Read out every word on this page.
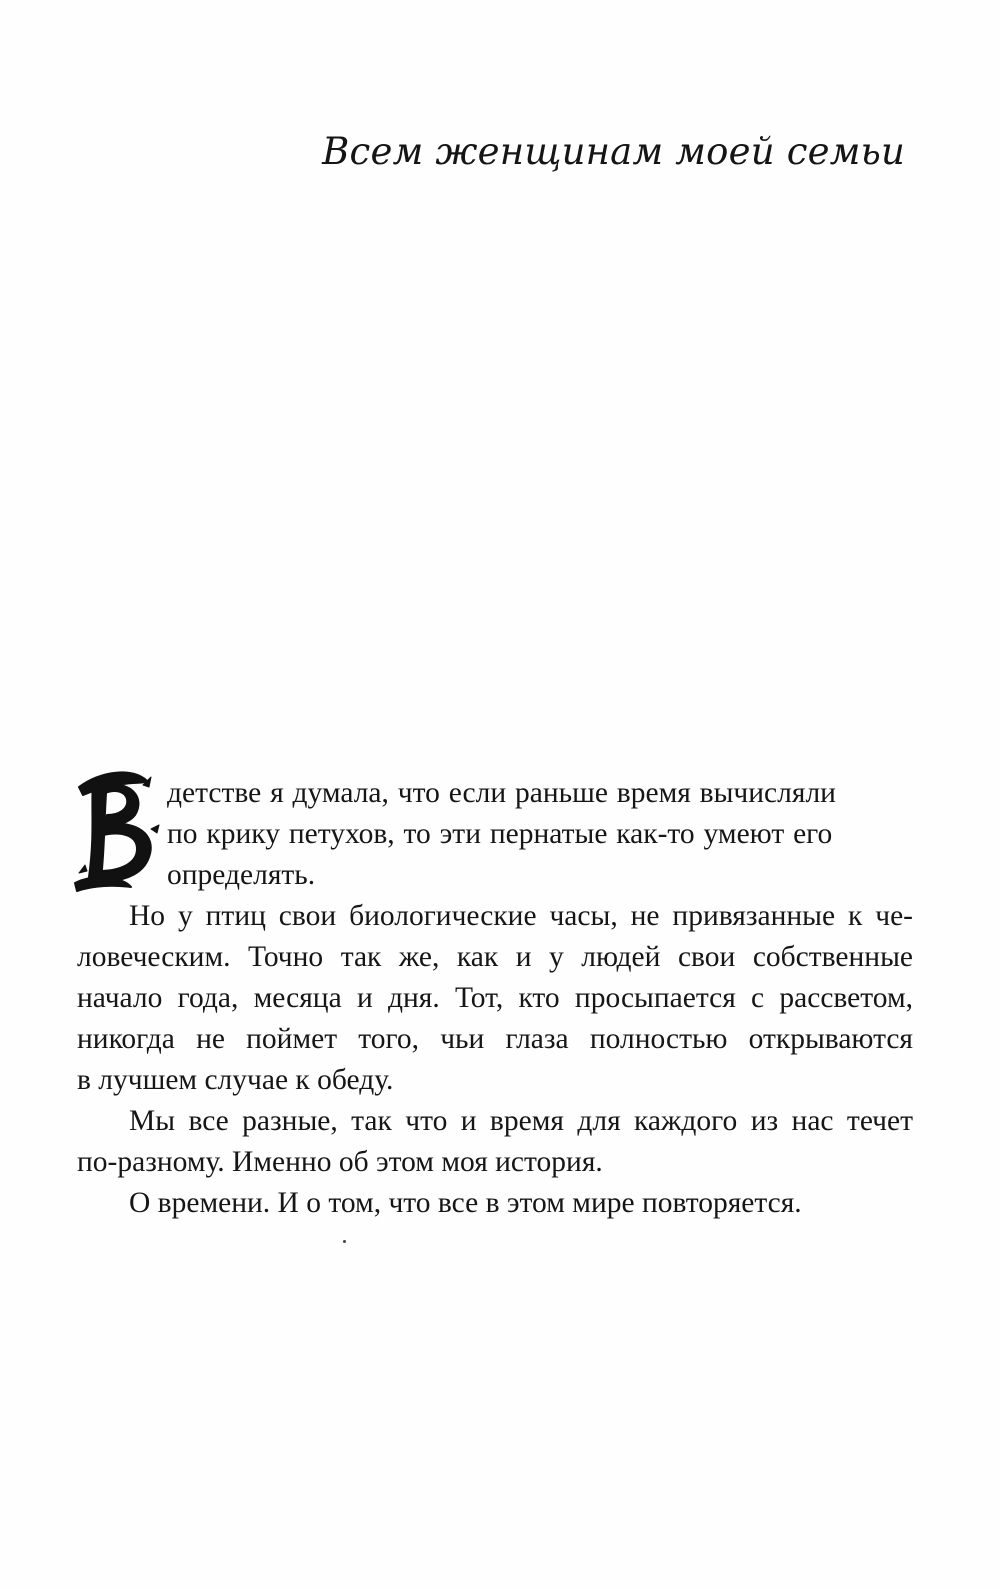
Всем женщинам моей семьи
детстве я думала, что если раньше время вычисляли
по крику петухов, то эти пернатые как-то умеют его
определять.
Но у птиц свои биологические часы, не привязанные к че-
ловеческим. Точно так же, как и у людей свои собственные
начало года, месяца и дня. Тот, кто просыпается с рассветом,
никогда не поймет того, чьи глаза полностью открываются
в лучшем случае к обеду.
Мы все разные, так что и время для каждого из нас течет
по-разному. Именно об этом моя история.
О времени. И о том, что все в этом мире повторяется.
